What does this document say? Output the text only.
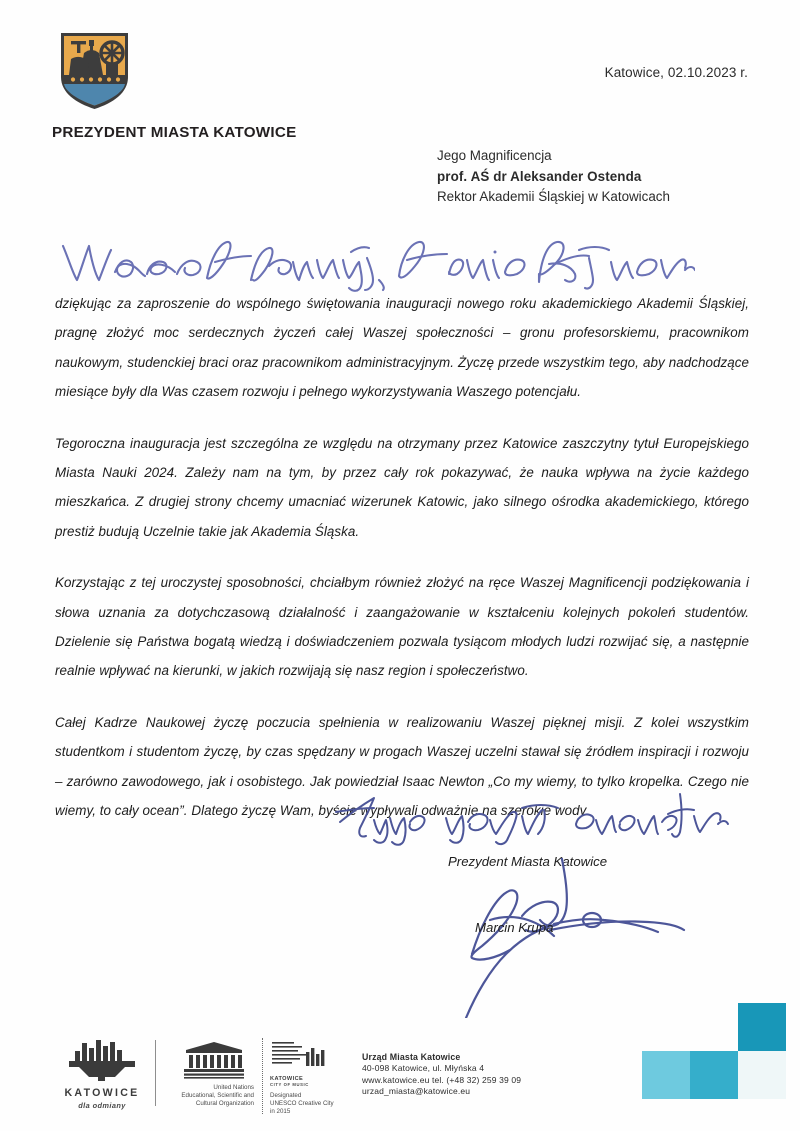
Katowice, 02.10.2023 r.
PREZYDENT MIASTA KATOWICE
Jego Magnificencja
prof. AŚ dr Aleksander Ostenda
Rektor Akademii Śląskiej w Katowicach

dziękując za zaproszenie do wspólnego świętowania inauguracji nowego roku akademickiego Akademii Śląskiej, pragnę złożyć moc serdecznych życzeń całej Waszej społeczności – gronu profesorskiemu, pracownikom naukowym, studenckiej braci oraz pracownikom administracyjnym. Życzę przede wszystkim tego, aby nadchodzące miesiące były dla Was czasem rozwoju i pełnego wykorzystywania Waszego potencjału.

Tegoroczna inauguracja jest szczególna ze względu na otrzymany przez Katowice zaszczytny tytuł Europejskiego Miasta Nauki 2024. Zależy nam na tym, by przez cały rok pokazywać, że nauka wpływa na życie każdego mieszkańca. Z drugiej strony chcemy umacniać wizerunek Katowic, jako silnego ośrodka akademickiego, którego prestiż budują Uczelnie takie jak Akademia Śląska.

Korzystając z tej uroczystej sposobności, chciałbym również złożyć na ręce Waszej Magnificencji podziękowania i słowa uznania za dotychczasową działalność i zaangażowanie w kształceniu kolejnych pokoleń studentów. Dzielenie się Państwa bogatą wiedzą i doświadczeniem pozwala tysiącom młodych ludzi rozwijać się, a następnie realnie wpływać na kierunki, w jakich rozwijają się nasz region i społeczeństwo.

Całej Kadrze Naukowej życzę poczucia spełnienia w realizowaniu Waszej pięknej misji. Z kolei wszystkim studentkom i studentom życzę, by czas spędzany w progach Waszej uczelni stawał się źródłem inspiracji i rozwoju – zarówno zawodowego, jak i osobistego. Jak powiedział Isaac Newton „Co my wiemy, to tylko kropelka. Czego nie wiemy, to cały ocean”. Dlatego życzę Wam, byście wypływali odważnie na szerokie wody.

Prezydent Miasta Katowice
Marcin Krupa
KATOWICE
dla odmiany
United Nations
Educational, Scientific and
Cultural Organization
KATOWICE
CITY OF MUSIC
Designated
UNESCO Creative City
in 2015
Urząd Miasta Katowice
40-098 Katowice, ul. Młyńska 4
www.katowice.eu tel. (+48 32) 259 39 09
urzad_miasta@katowice.eu
